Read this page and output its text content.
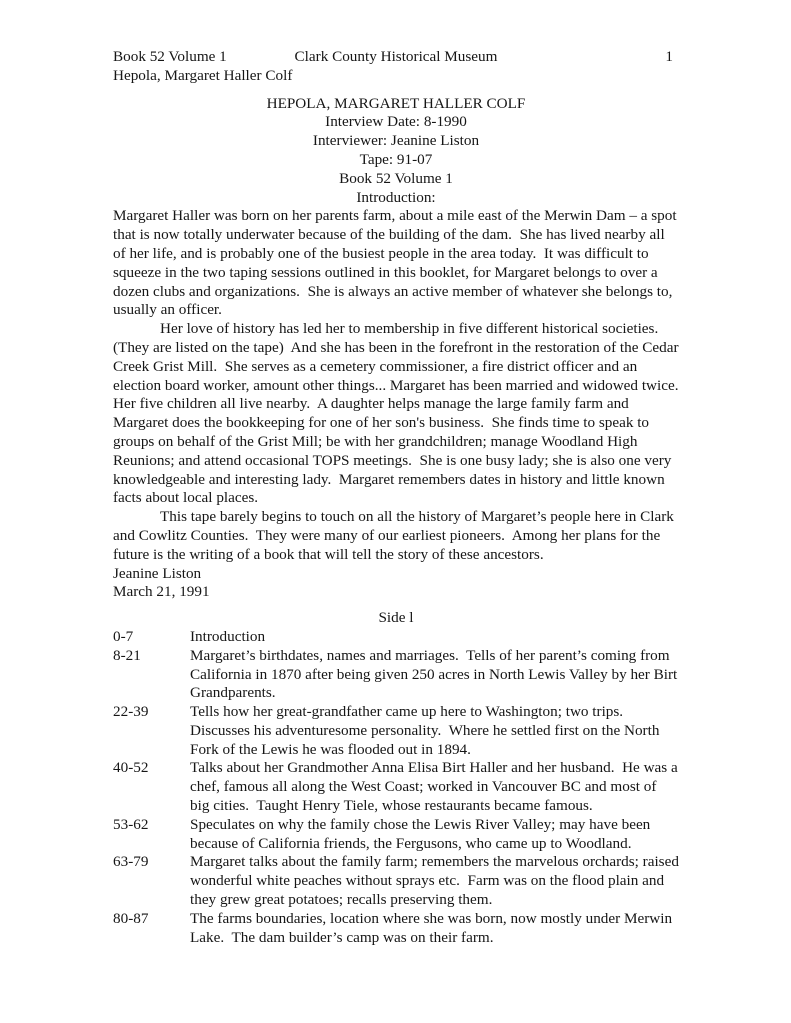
Book 52 Volume 1	Clark County Historical Museum	1
Hepola, Margaret Haller Colf
HEPOLA, MARGARET HALLER COLF
Interview Date: 8-1990
Interviewer: Jeanine Liston
Tape: 91-07
Book 52 Volume 1
Introduction:

Margaret Haller was born on her parents farm, about a mile east of the Merwin Dam – a spot that is now totally underwater because of the building of the dam.  She has lived nearby all of her life, and is probably one of the busiest people in the area today.  It was difficult to squeeze in the two taping sessions outlined in this booklet, for Margaret belongs to over a dozen clubs and organizations.  She is always an active member of whatever she belongs to, usually an officer.

Her love of history has led her to membership in five different historical societies. (They are listed on the tape)  And she has been in the forefront in the restoration of the Cedar Creek Grist Mill.  She serves as a cemetery commissioner, a fire district officer and an election board worker, amount other things... Margaret has been married and widowed twice.  Her five children all live nearby.  A daughter helps manage the large family farm and Margaret does the bookkeeping for one of her son's business.  She finds time to speak to groups on behalf of the Grist Mill; be with her grandchildren; manage Woodland High Reunions; and attend occasional TOPS meetings.  She is one busy lady; she is also one very knowledgeable and interesting lady.  Margaret remembers dates in history and little known facts about local places.

This tape barely begins to touch on all the history of Margaret’s people here in Clark and Cowlitz Counties.  They were many of our earliest pioneers.  Among her plans for the future is the writing of a book that will tell the story of these ancestors.

Jeanine Liston
March 21, 1991
Side l
0-7	Introduction
8-21	Margaret’s birthdates, names and marriages.  Tells of her parent’s coming from California in 1870 after being given 250 acres in North Lewis Valley by her Birt Grandparents.
22-39	Tells how her great-grandfather came up here to Washington; two trips.  Discusses his adventuresome personality.  Where he settled first on the North Fork of the Lewis he was flooded out in 1894.
40-52	Talks about her Grandmother Anna Elisa Birt Haller and her husband.  He was a chef, famous all along the West Coast; worked in Vancouver BC and most of big cities.  Taught Henry Tiele, whose restaurants became famous.
53-62	Speculates on why the family chose the Lewis River Valley; may have been because of California friends, the Fergusons, who came up to Woodland.
63-79	Margaret talks about the family farm; remembers the marvelous orchards; raised wonderful white peaches without sprays etc.  Farm was on the flood plain and they grew great potatoes; recalls preserving them.
80-87	The farms boundaries, location where she was born, now mostly under Merwin Lake.  The dam builder’s camp was on their farm.
